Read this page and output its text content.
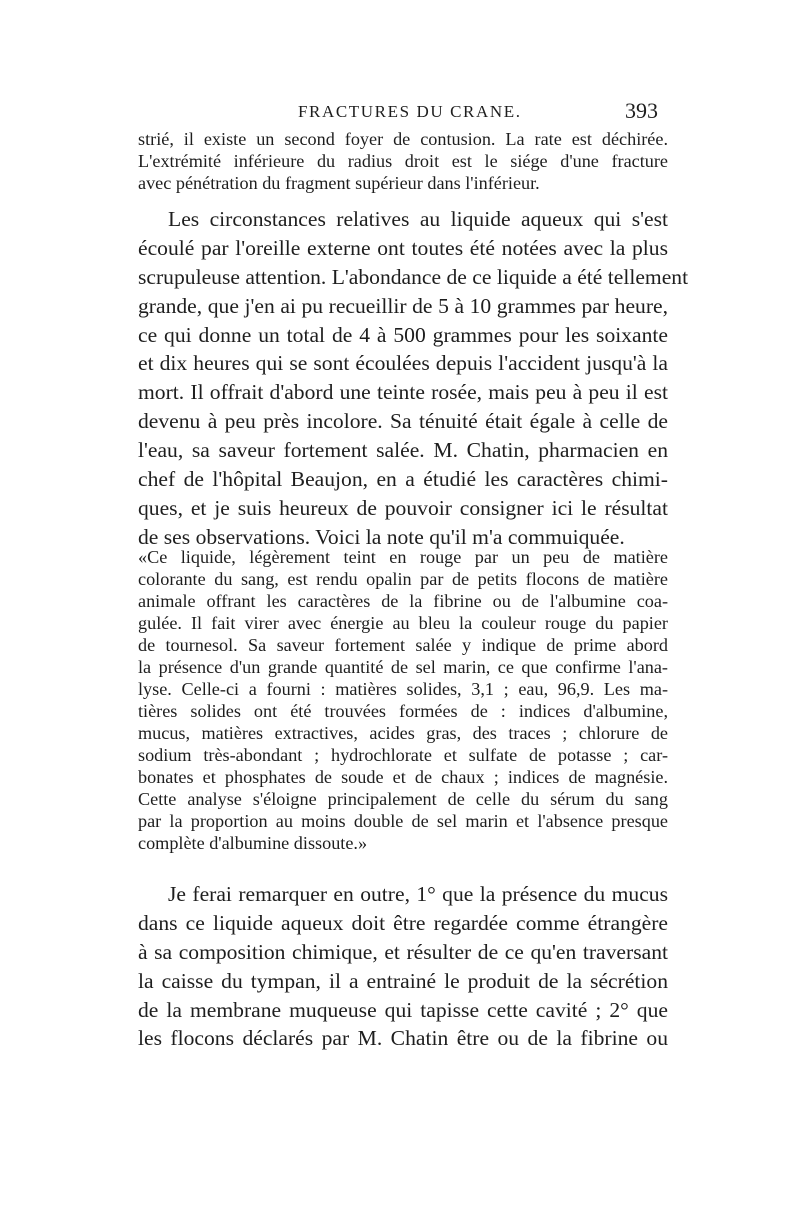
FRACTURES DU CRANE.	393
strié, il existe un second foyer de contusion. La rate est déchirée.
L'extrémité inférieure du radius droit est le siége d'une fracture
avec pénétration du fragment supérieur dans l'inférieur.
Les circonstances relatives au liquide aqueux qui s'est
écoulé par l'oreille externe ont toutes été notées avec la plus
scrupuleuse attention. L'abondance de ce liquide a été tellement
grande, que j'en ai pu recueillir de 5 à 10 grammes par heure,
ce qui donne un total de 4 à 500 grammes pour les soixante
et dix heures qui se sont écoulées depuis l'accident jusqu'à la
mort. Il offrait d'abord une teinte rosée, mais peu à peu il est
devenu à peu près incolore. Sa ténuité était égale à celle de
l'eau, sa saveur fortement salée. M. Chatin, pharmacien en
chef de l'hôpital Beaujon, en a étudié les caractères chimi-
ques, et je suis heureux de pouvoir consigner ici le résultat
de ses observations. Voici la note qu'il m'a commuiquée.
«Ce liquide, légèrement teint en rouge par un peu de matière
colorante du sang, est rendu opalin par de petits flocons de matière
animale offrant les caractères de la fibrine ou de l'albumine coa-
gulée. Il fait virer avec énergie au bleu la couleur rouge du papier
de tournesol. Sa saveur fortement salée y indique de prime abord
la présence d'un grande quantité de sel marin, ce que confirme l'ana-
lyse. Celle-ci a fourni : matières solides, 3,1 ; eau, 96,9. Les ma-
tières solides ont été trouvées formées de : indices d'albumine,
mucus, matières extractives, acides gras, des traces ; chlorure de
sodium très-abondant ; hydrochlorate et sulfate de potasse ; car-
bonates et phosphates de soude et de chaux ; indices de magnésie.
Cette analyse s'éloigne principalement de celle du sérum du sang
par la proportion au moins double de sel marin et l'absence presque
complète d'albumine dissoute.»
Je ferai remarquer en outre, 1° que la présence du mucus
dans ce liquide aqueux doit être regardée comme étrangère
à sa composition chimique, et résulter de ce qu'en traversant
la caisse du tympan, il a entrainé le produit de la sécrétion
de la membrane muqueuse qui tapisse cette cavité ; 2° que
les flocons déclarés par M. Chatin être ou de la fibrine ou
